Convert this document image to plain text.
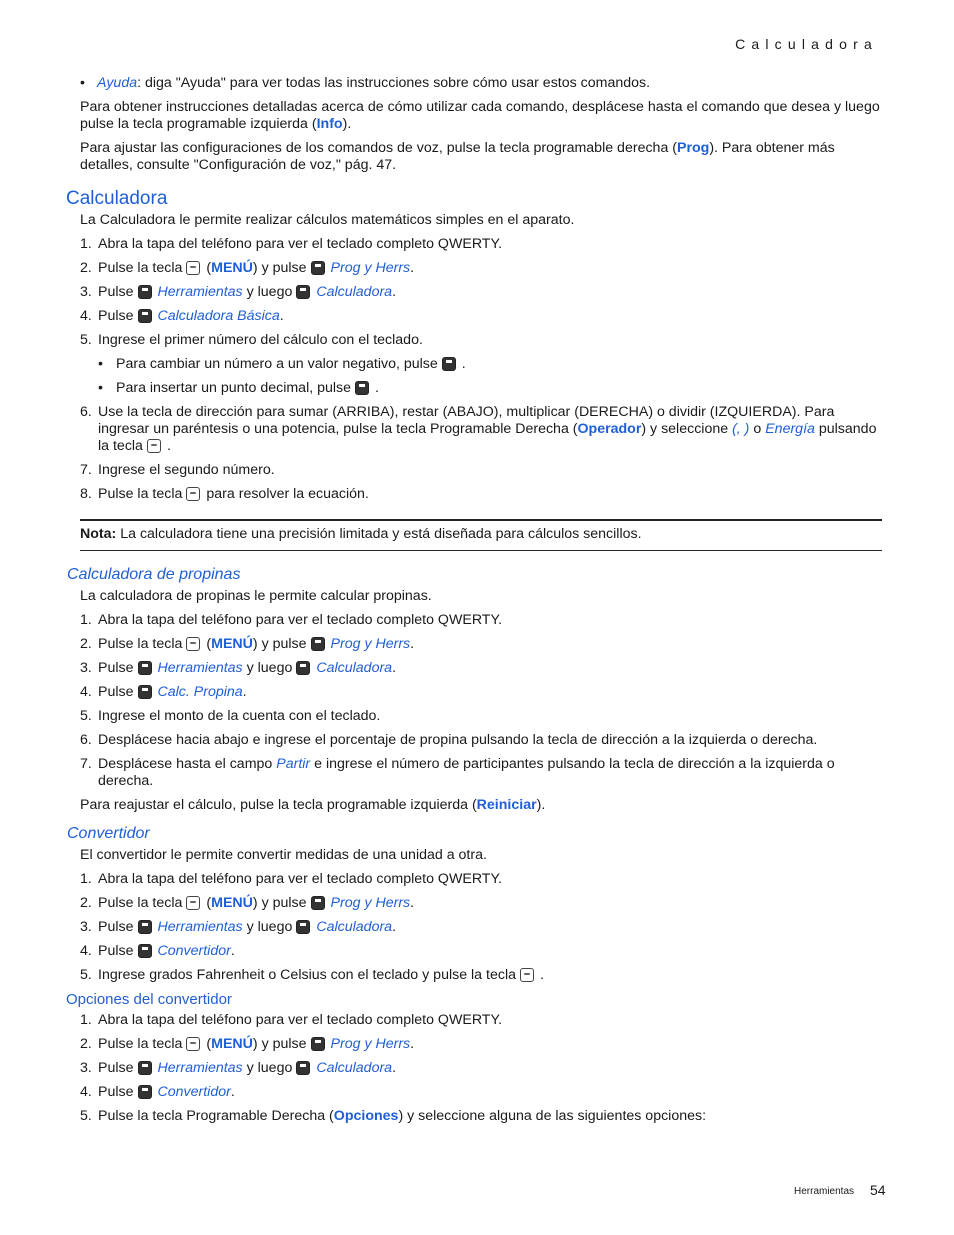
Calculadora
• Ayuda: diga "Ayuda" para ver todas las instrucciones sobre cómo usar estos comandos.

Para obtener instrucciones detalladas acerca de cómo utilizar cada comando, desplácese hasta el comando que desea y luego pulse la tecla programable izquierda (Info).

Para ajustar las configuraciones de los comandos de voz, pulse la tecla programable derecha (Prog). Para obtener más detalles, consulte "Configuración de voz," pág. 47.

Calculadora

La Calculadora le permite realizar cálculos matemáticos simples en el aparato.

1. Abra la tapa del teléfono para ver el teclado completo QWERTY.
2. Pulse la tecla (MENÚ) y pulse Prog y Herrs.
3. Pulse Herramientas y luego Calculadora.
4. Pulse Calculadora Básica.
5. Ingrese el primer número del cálculo con el teclado.
• Para cambiar un número a un valor negativo, pulse .
• Para insertar un punto decimal, pulse .
6. Use la tecla de dirección para sumar (ARRIBA), restar (ABAJO), multiplicar (DERECHA) o dividir (IZQUIERDA). Para ingresar un paréntesis o una potencia, pulse la tecla Programable Derecha (Operador) y seleccione (, ) o Energía pulsando la tecla .
7. Ingrese el segundo número.
8. Pulse la tecla para resolver la ecuación.
Nota: La calculadora tiene una precisión limitada y está diseñada para cálculos sencillos.
Calculadora de propinas

La calculadora de propinas le permite calcular propinas.

1. Abra la tapa del teléfono para ver el teclado completo QWERTY.
2. Pulse la tecla (MENÚ) y pulse Prog y Herrs.
3. Pulse Herramientas y luego Calculadora.
4. Pulse Calc. Propina.
5. Ingrese el monto de la cuenta con el teclado.
6. Desplácese hacia abajo e ingrese el porcentaje de propina pulsando la tecla de dirección a la izquierda o derecha.
7. Desplácese hasta el campo Partir e ingrese el número de participantes pulsando la tecla de dirección a la izquierda o derecha.

Para reajustar el cálculo, pulse la tecla programable izquierda (Reiniciar).

Convertidor

El convertidor le permite convertir medidas de una unidad a otra.

1. Abra la tapa del teléfono para ver el teclado completo QWERTY.
2. Pulse la tecla (MENÚ) y pulse Prog y Herrs.
3. Pulse Herramientas y luego Calculadora.
4. Pulse Convertidor.
5. Ingrese grados Fahrenheit o Celsius con el teclado y pulse la tecla .
Opciones del convertidor
1. Abra la tapa del teléfono para ver el teclado completo QWERTY.
2. Pulse la tecla (MENÚ) y pulse Prog y Herrs.
3. Pulse Herramientas y luego Calculadora.
4. Pulse Convertidor.
5. Pulse la tecla Programable Derecha (Opciones) y seleccione alguna de las siguientes opciones:
Herramientas 54
